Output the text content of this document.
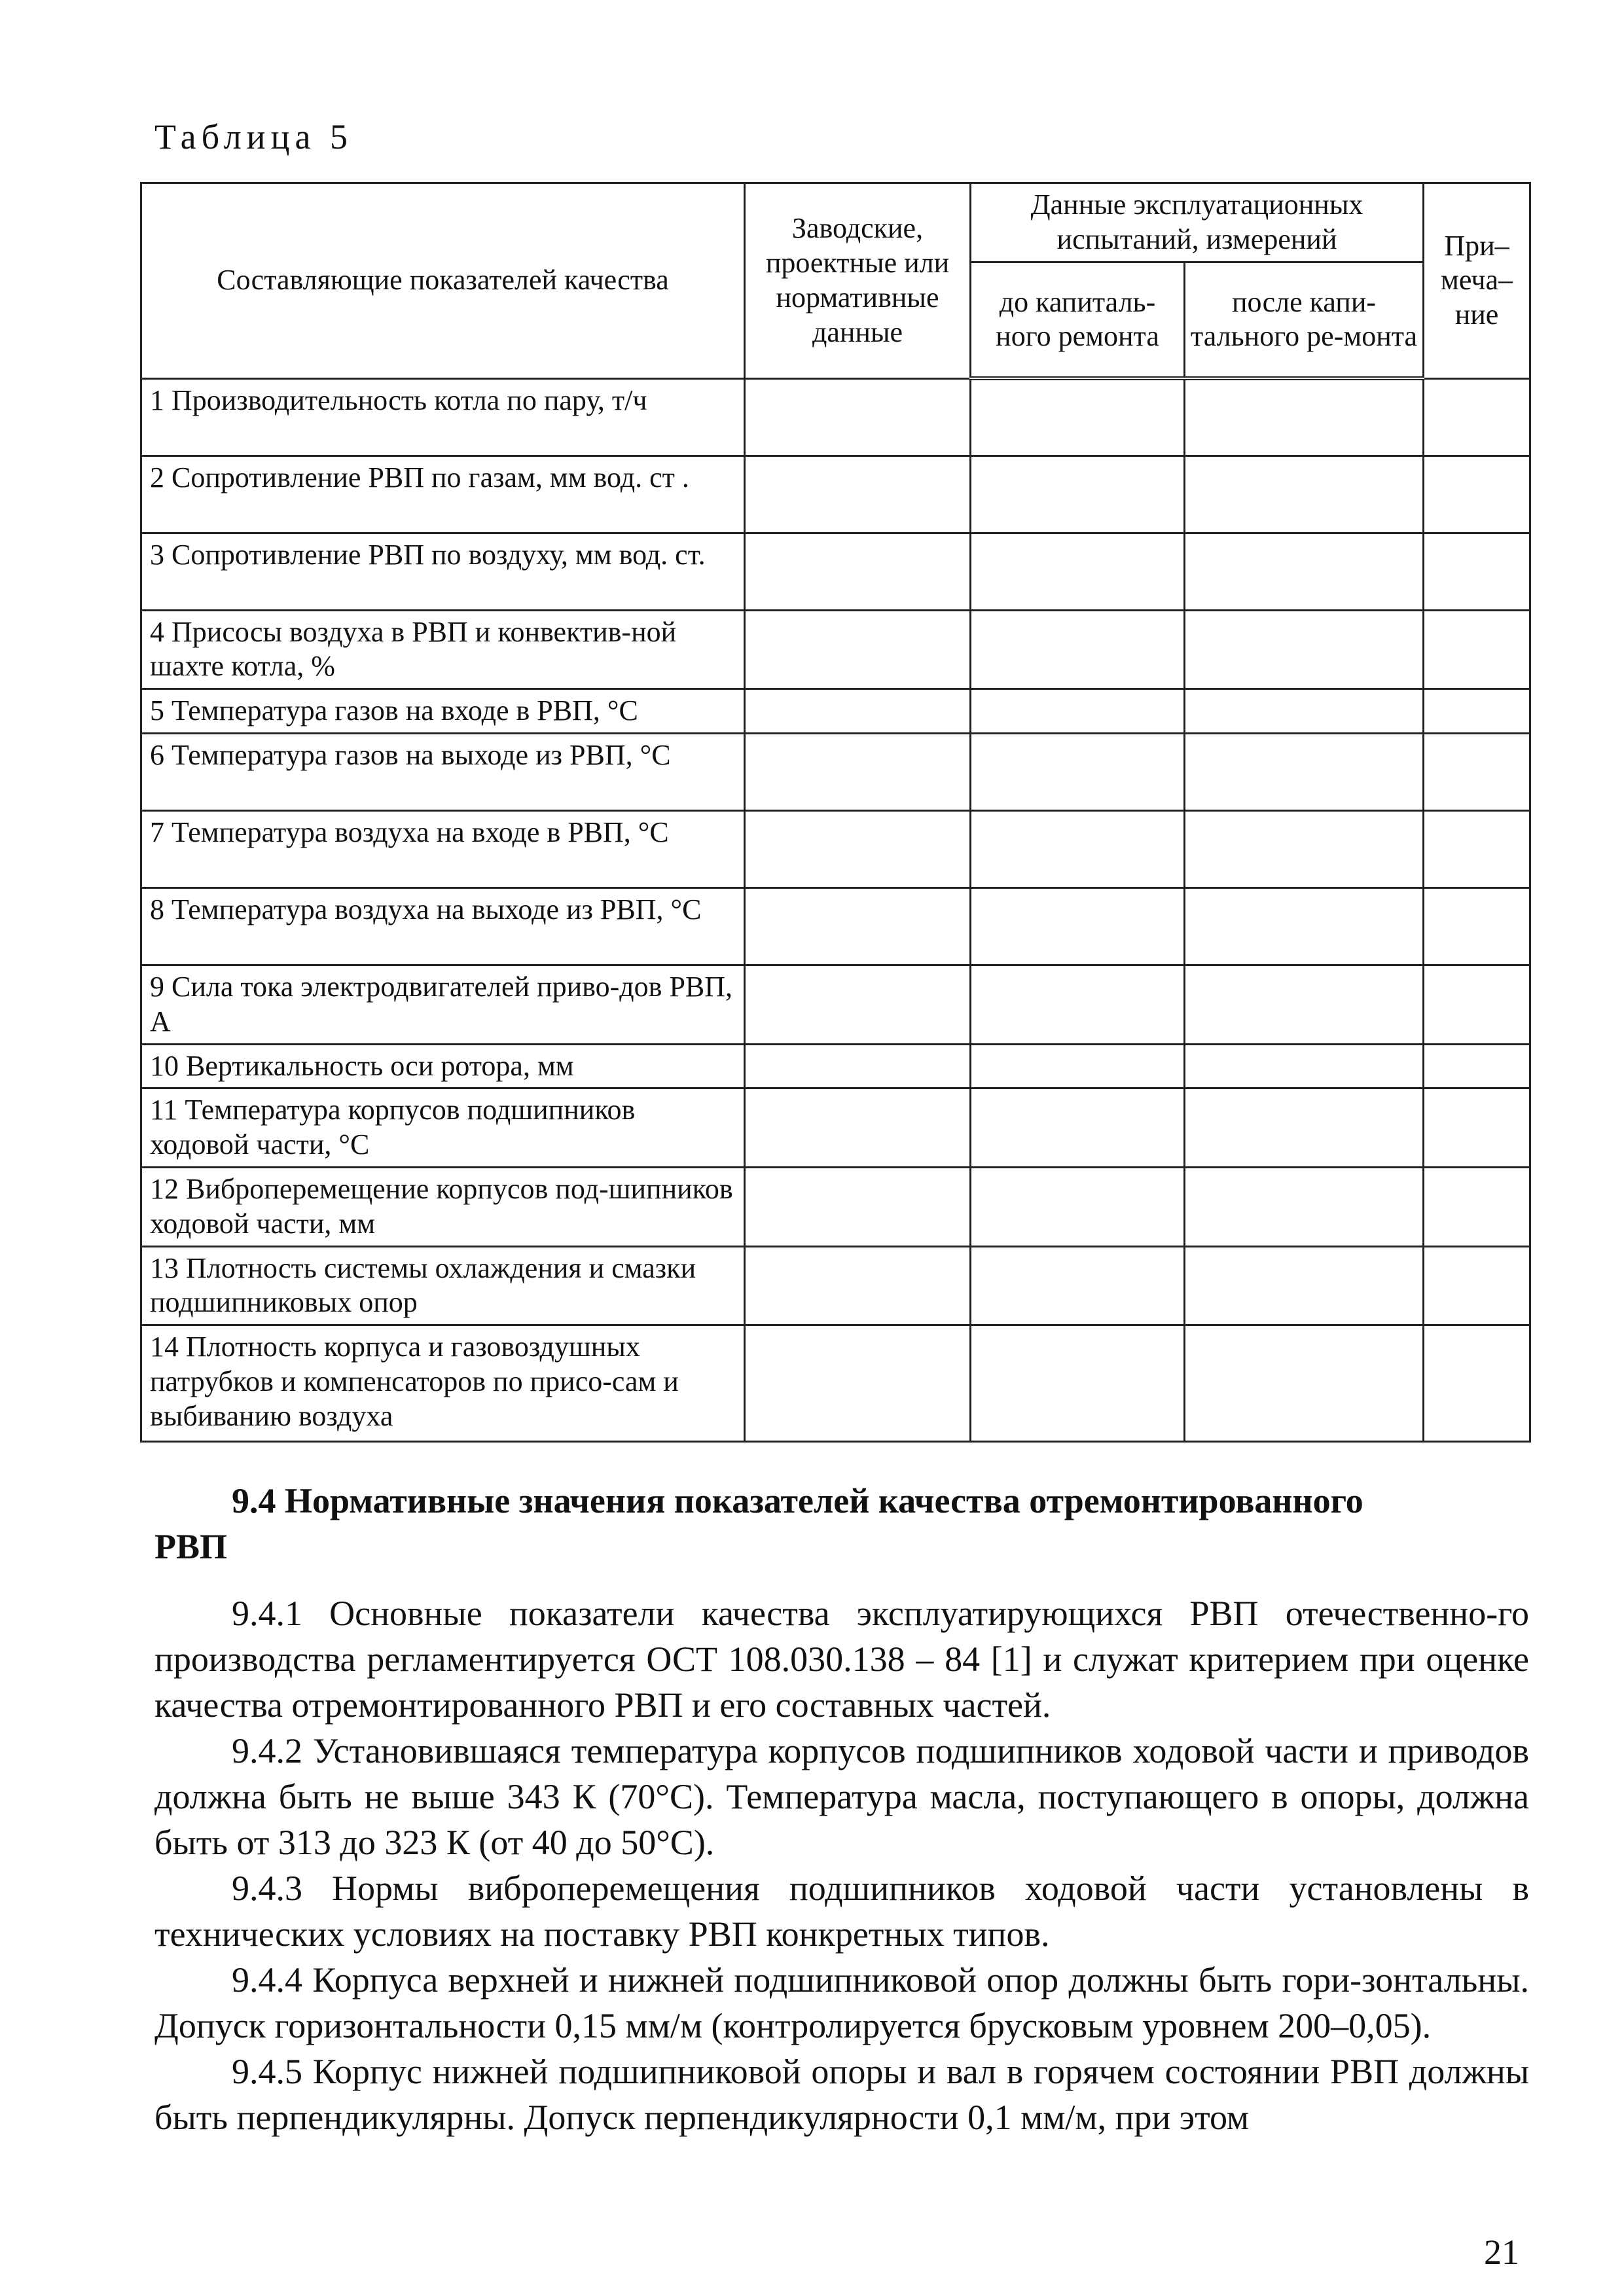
Таблица 5
Составляющие показателей качества	Заводские, проектные или нормативные данные	Данные эксплуатационных испытаний, измерений		При–меча–ние
		до капиталь-ного ремонта	после капи-тального ре-монта	
1 Производительность котла по пару, т/ч				
2 Сопротивление РВП по газам, мм вод. ст .				
3 Сопротивление РВП по воздуху, мм вод. ст.				
4 Присосы воздуха в РВП и конвектив-ной шахте котла, %				
5 Температура газов на входе в РВП, °С				
6 Температура газов на выходе из РВП, °С				
7 Температура воздуха на входе в РВП, °С				
8 Температура воздуха на выходе из РВП, °С				
9 Сила тока электродвигателей приво-дов РВП, А				
10 Вертикальность оси ротора, мм				
11 Температура корпусов подшипников ходовой части, °С				
12 Виброперемещение корпусов под-шипников ходовой части, мм				
13 Плотность системы охлаждения и смазки подшипниковых опор				
14 Плотность корпуса и газовоздушных патрубков и компенсаторов по присо-сам и выбиванию воздуха				
9.4 Нормативные значения показателей качества отремонтированного
РВП

9.4.1 Основные показатели качества эксплуатирующихся РВП отечественно-го производства регламентируется ОСТ 108.030.138 – 84 [1] и служат критерием при оценке качества отремонтированного РВП и его составных частей.

9.4.2 Установившаяся температура корпусов подшипников ходовой части и приводов должна быть не выше 343 К (70°С). Температура масла, поступающего в опоры, должна быть от 313 до 323 К (от 40 до 50°С).

9.4.3 Нормы виброперемещения подшипников ходовой части установлены в технических условиях на поставку РВП конкретных типов.

9.4.4 Корпуса верхней и нижней подшипниковой опор должны быть гори-зонтальны. Допуск горизонтальности 0,15 мм/м (контролируется брусковым уровнем 200–0,05).

9.4.5 Корпус нижней подшипниковой опоры и вал в горячем состоянии РВП должны быть перпендикулярны. Допуск перпендикулярности 0,1 мм/м, при этом

21
